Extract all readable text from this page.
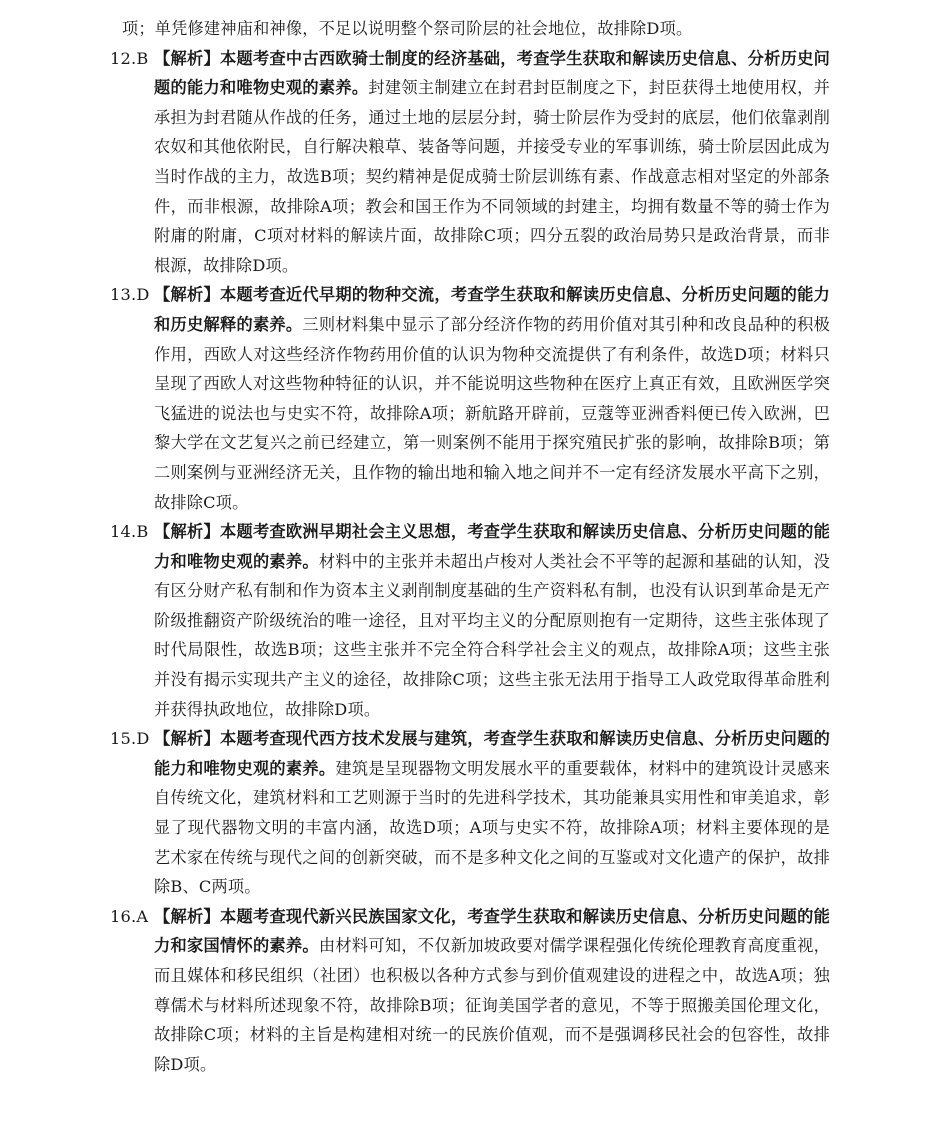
项；单凭修建神庙和神像，不足以说明整个祭司阶层的社会地位，故排除D项。

12.B 【解析】本题考查中古西欧骑士制度的经济基础，考查学生获取和解读历史信息、分析历史问题的能力和唯物史观的素养。封建领主制建立在封君封臣制度之下，封臣获得土地使用权，并承担为封君随从作战的任务，通过土地的层层分封，骑士阶层作为受封的底层，他们依靠剥削农奴和其他依附民，自行解决粮草、装备等问题，并接受专业的军事训练，骑士阶层因此成为当时作战的主力，故选B项；契约精神是促成骑士阶层训练有素、作战意志相对坚定的外部条件，而非根源，故排除A项；教会和国王作为不同领域的封建主，均拥有数量不等的骑士作为附庸的附庸，C项对材料的解读片面，故排除C项；四分五裂的政治局势只是政治背景，而非根源，故排除D项。

13.D 【解析】本题考查近代早期的物种交流，考查学生获取和解读历史信息、分析历史问题的能力和历史解释的素养。三则材料集中显示了部分经济作物的药用价值对其引种和改良品种的积极作用，西欧人对这些经济作物药用价值的认识为物种交流提供了有利条件，故选D项；材料只呈现了西欧人对这些物种特征的认识，并不能说明这些物种在医疗上真正有效，且欧洲医学突飞猛进的说法也与史实不符，故排除A项；新航路开辟前，豆蔻等亚洲香料便已传入欧洲，巴黎大学在文艺复兴之前已经建立，第一则案例不能用于探究殖民扩张的影响，故排除B项；第二则案例与亚洲经济无关，且作物的输出地和输入地之间并不一定有经济发展水平高下之别，故排除C项。

14.B 【解析】本题考查欧洲早期社会主义思想，考查学生获取和解读历史信息、分析历史问题的能力和唯物史观的素养。材料中的主张并未超出卢梭对人类社会不平等的起源和基础的认知，没有区分财产私有制和作为资本主义剥削制度基础的生产资料私有制，也没有认识到革命是无产阶级推翻资产阶级统治的唯一途径，且对平均主义的分配原则抱有一定期待，这些主张体现了时代局限性，故选B项；这些主张并不完全符合科学社会主义的观点，故排除A项；这些主张并没有揭示实现共产主义的途径，故排除C项；这些主张无法用于指导工人政党取得革命胜利并获得执政地位，故排除D项。

15.D 【解析】本题考查现代西方技术发展与建筑，考查学生获取和解读历史信息、分析历史问题的能力和唯物史观的素养。建筑是呈现器物文明发展水平的重要载体，材料中的建筑设计灵感来自传统文化，建筑材料和工艺则源于当时的先进科学技术，其功能兼具实用性和审美追求，彰显了现代器物文明的丰富内涵，故选D项；A项与史实不符，故排除A项；材料主要体现的是艺术家在传统与现代之间的创新突破，而不是多种文化之间的互鉴或对文化遗产的保护，故排除B、C两项。

16.A 【解析】本题考查现代新兴民族国家文化，考查学生获取和解读历史信息、分析历史问题的能力和家国情怀的素养。由材料可知，不仅新加坡政要对儒学课程强化传统伦理教育高度重视，而且媒体和移民组织（社团）也积极以各种方式参与到价值观建设的进程之中，故选A项；独尊儒术与材料所述现象不符，故排除B项；征询美国学者的意见，不等于照搬美国伦理文化，故排除C项；材料的主旨是构建相对统一的民族价值观，而不是强调移民社会的包容性，故排除D项。
